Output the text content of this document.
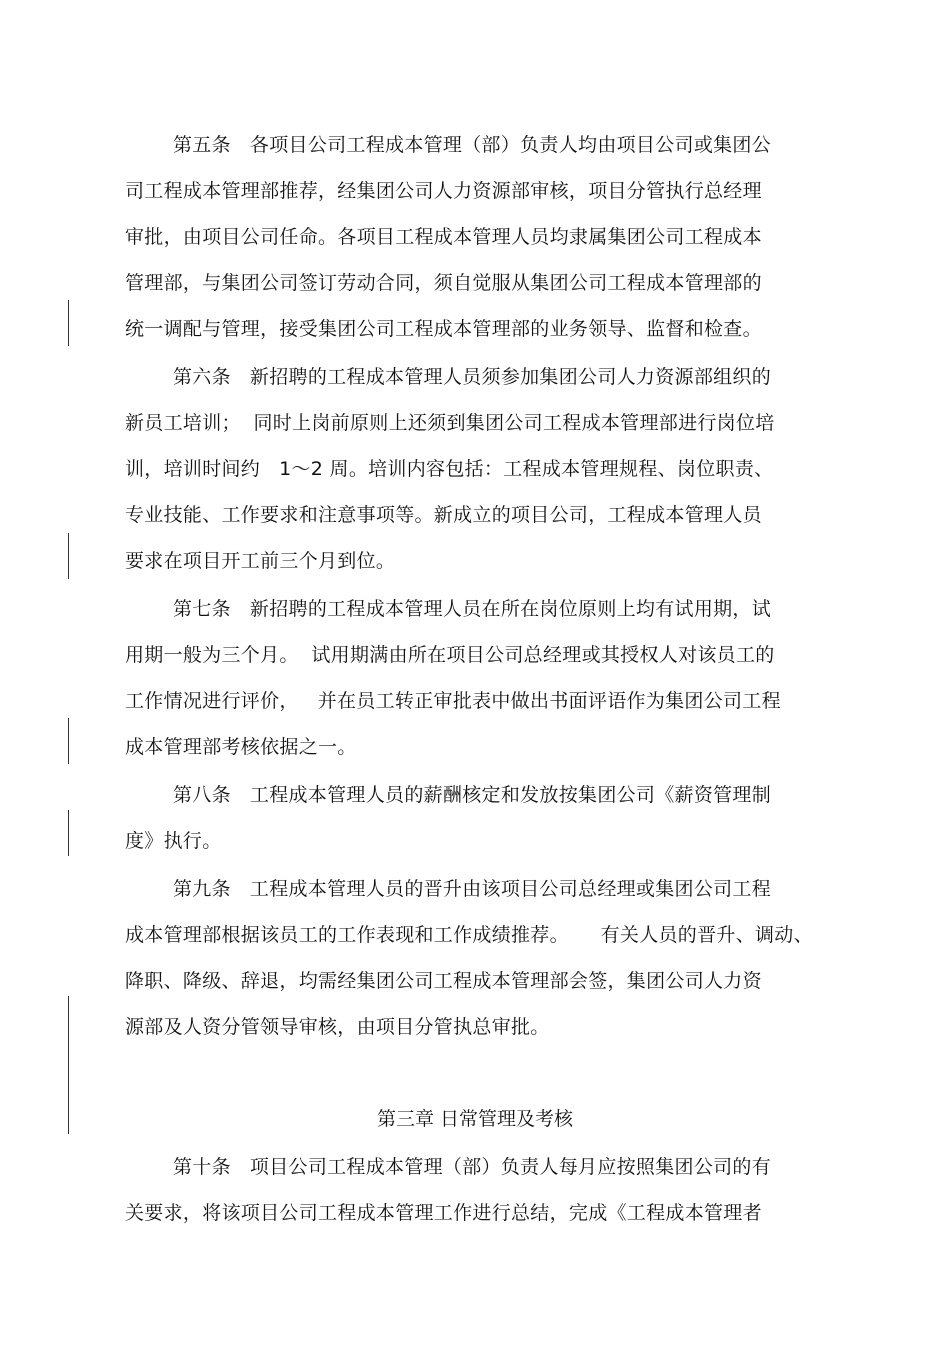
第五条   各项目公司工程成本管理（部）负责人均由项目公司或集团公
司工程成本管理部推荐，经集团公司人力资源部审核，项目分管执行总经理
审批，由项目公司任命。各项目工程成本管理人员均隶属集团公司工程成本
管理部，与集团公司签订劳动合同，须自觉服从集团公司工程成本管理部的
统一调配与管理，接受集团公司工程成本管理部的业务领导、监督和检查。
第六条   新招聘的工程成本管理人员须参加集团公司人力资源部组织的
新员工培训；  同时上岗前原则上还须到集团公司工程成本管理部进行岗位培
训，培训时间约   1～2 周。培训内容包括：工程成本管理规程、岗位职责、
专业技能、工作要求和注意事项等。新成立的项目公司，工程成本管理人员
要求在项目开工前三个月到位。
第七条   新招聘的工程成本管理人员在所在岗位原则上均有试用期，试
用期一般为三个月。  试用期满由所在项目公司总经理或其授权人对该员工的
工作情况进行评价，   并在员工转正审批表中做出书面评语作为集团公司工程
成本管理部考核依据之一。
第八条   工程成本管理人员的薪酬核定和发放按集团公司《薪资管理制
度》执行。
第九条   工程成本管理人员的晋升由该项目公司总经理或集团公司工程
成本管理部根据该员工的工作表现和工作成绩推荐。     有关人员的晋升、调动、
降职、降级、辞退，均需经集团公司工程成本管理部会签，集团公司人力资
源部及人资分管领导审核，由项目分管执总审批。
第三章 日常管理及考核
第十条   项目公司工程成本管理（部）负责人每月应按照集团公司的有
关要求，将该项目公司工程成本管理工作进行总结，完成《工程成本管理者
